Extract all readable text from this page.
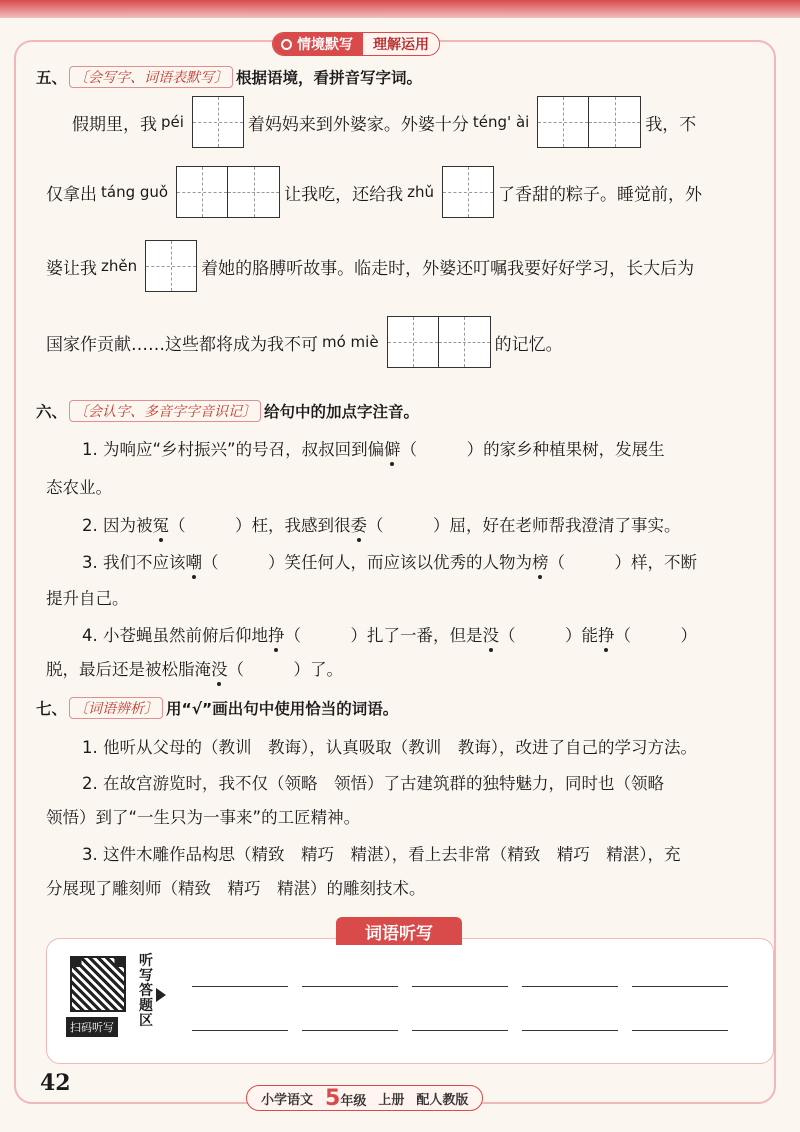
情境默写 理解运用
五、 〔会写字、词语表默写〕 根据语境，看拼音写字词。
假期里，我 péi	着妈妈来到外婆家。外婆十分 téng' ài	我，不
仅拿出 táng guǒ	让我吃，还给我 zhǔ	了香甜的粽子。睡觉前，外
婆让我 zhěn	着她的胳膊听故事。临走时，外婆还叮嘱我要好好学习，长大后为
国家作贡献……这些都将成为我不可 mó miè	的记忆。
六、 〔会认字、多音字字音识记〕 给句中的加点字注音。
1. 为响应“乡村振兴”的号召，叔叔回到偏僻（　　　）的家乡种植果树，发展生
态农业。
2. 因为被冤（　　　）枉，我感到很委（　　　）屈，好在老师帮我澄清了事实。
3. 我们不应该嘲（　　　）笑任何人，而应该以优秀的人物为榜（　　　）样，不断
提升自己。
4. 小苍蝇虽然前俯后仰地挣（　　　）扎了一番，但是没（　　　）能挣（　　　）
脱，最后还是被松脂淹没（　　　）了。
七、 〔词语辨析〕 用“√”画出句中使用恰当的词语。
1. 他听从父母的（教训　教诲），认真吸取（教训　教诲），改进了自己的学习方法。
2. 在故宫游览时，我不仅（领略　领悟）了古建筑群的独特魅力，同时也（领略
领悟）到了“一生只为一事来”的工匠精神。
3. 这件木雕作品构思（精致　精巧　精湛），看上去非常（精致　精巧　精湛），充
分展现了雕刻师（精致　精巧　精湛）的雕刻技术。
词语听写
扫码听写
听
写
答
题
区
42
小学语文 5年级 上册 配人教版
